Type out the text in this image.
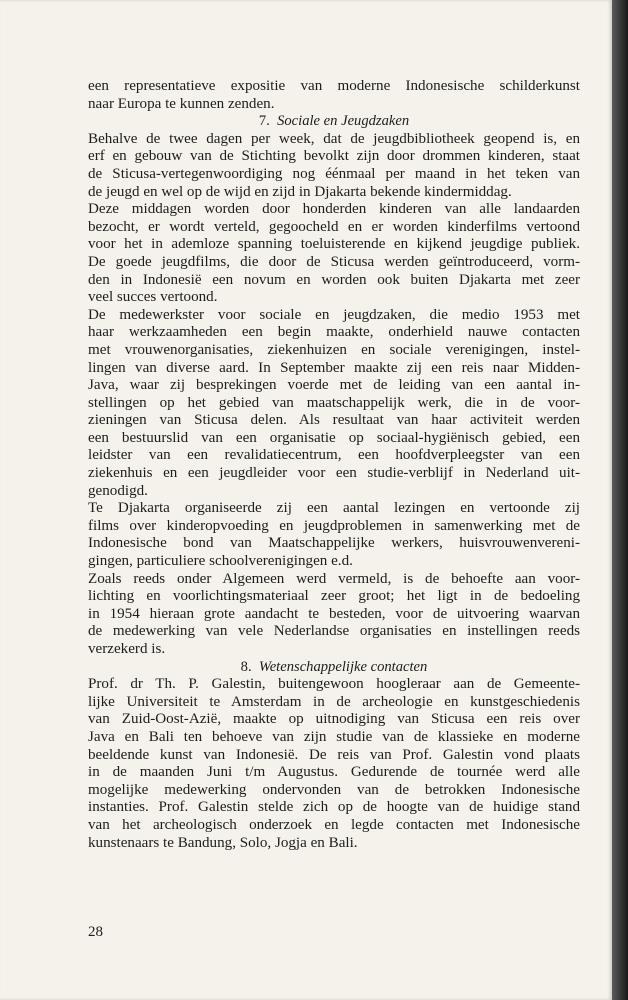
een representatieve expositie van moderne Indonesische schilderkunst
naar Europa te kunnen zenden.

7. Sociale en Jeugdzaken

Behalve de twee dagen per week, dat de jeugdbibliotheek geopend is, en
erf en gebouw van de Stichting bevolkt zijn door drommen kinderen, staat
de Sticusa-vertegenwoordiging nog éénmaal per maand in het teken van
de jeugd en wel op de wijd en zijd in Djakarta bekende kindermiddag.

Deze middagen worden door honderden kinderen van alle landaarden
bezocht, er wordt verteld, gegoocheld en er worden kinderfilms vertoond
voor het in ademloze spanning toeluisterende en kijkend jeugdige publiek.
De goede jeugdfilms, die door de Sticusa werden geïntroduceerd, vorm-
den in Indonesië een novum en worden ook buiten Djakarta met zeer
veel succes vertoond.

De medewerkster voor sociale en jeugdzaken, die medio 1953 met
haar werkzaamheden een begin maakte, onderhield nauwe contacten
met vrouwenorganisaties, ziekenhuizen en sociale verenigingen, instel-
lingen van diverse aard. In September maakte zij een reis naar Midden-
Java, waar zij besprekingen voerde met de leiding van een aantal in-
stellingen op het gebied van maatschappelijk werk, die in de voor-
zieningen van Sticusa delen. Als resultaat van haar activiteit werden
een bestuurslid van een organisatie op sociaal-hygiënisch gebied, een
leidster van een revalidatiecentrum, een hoofdverpleegster van een
ziekenhuis en een jeugdleider voor een studie-verblijf in Nederland uit-
genodigd.

Te Djakarta organiseerde zij een aantal lezingen en vertoonde zij
films over kinderopvoeding en jeugdproblemen in samenwerking met de
Indonesische bond van Maatschappelijke werkers, huisvrouwenvereni-
gingen, particuliere schoolverenigingen e.d.

Zoals reeds onder Algemeen werd vermeld, is de behoefte aan voor-
lichting en voorlichtingsmateriaal zeer groot; het ligt in de bedoeling
in 1954 hieraan grote aandacht te besteden, voor de uitvoering waarvan
de medewerking van vele Nederlandse organisaties en instellingen reeds
verzekerd is.

8. Wetenschappelijke contacten

Prof. dr Th. P. Galestin, buitengewoon hoogleraar aan de Gemeente-
lijke Universiteit te Amsterdam in de archeologie en kunstgeschiedenis
van Zuid-Oost-Azië, maakte op uitnodiging van Sticusa een reis over
Java en Bali ten behoeve van zijn studie van de klassieke en moderne
beeldende kunst van Indonesië. De reis van Prof. Galestin vond plaats
in de maanden Juni t/m Augustus. Gedurende de tournée werd alle
mogelijke medewerking ondervonden van de betrokken Indonesische
instanties. Prof. Galestin stelde zich op de hoogte van de huidige stand
van het archeologisch onderzoek en legde contacten met Indonesische
kunstenaars te Bandung, Solo, Jogja en Bali.

28
